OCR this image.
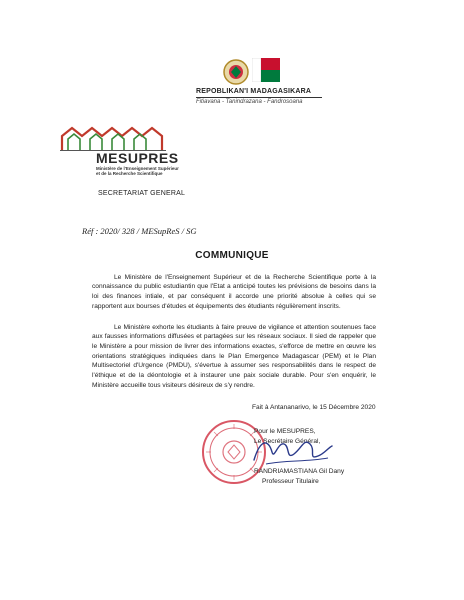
REPOBLIKAN'I MADAGASIKARA
Fitiavana - Tanindrazana - Fandrosoana
MESUPRES
Ministère de l'Enseignement Supérieur
et de la Recherche Scientifique
SECRETARIAT GENERAL
Réf : 2020/ 328 / MESupReS / SG
COMMUNIQUE

Le Ministère de l'Enseignement Supérieur et de la Recherche Scientifique porte à la connaissance du public estudiantin que l'Etat a anticipé toutes les prévisions de besoins dans la loi des finances intiale, et par conséquent il accorde une priorité absolue à celles qui se rapportent aux bourses d'études et équipements des étudiants régulièrement inscrits.

Le Ministère exhorte les étudiants à faire preuve de vigilance et attention soutenues face aux fausses informations diffusées et partagées sur les réseaux sociaux. Il sied de rappeler que le Ministère a pour mission de livrer des informations exactes, s'efforce de mettre en œuvre les orientations stratégiques indiquées dans le Plan Emergence Madagascar (PEM) et le Plan Multisectoriel d'Urgence (PMDU), s'évertue à assumer ses responsabilités dans le respect de l'éthique et de la déontologie et à instaurer une paix sociale durable. Pour s'en enquérir, le Ministère accueille tous visiteurs désireux de s'y rendre.

Fait à Antananarivo, le 15 Décembre 2020
Pour le MESUPRES,
Le Secrétaire Général,
RANDRIAMASTIANA Gil Dany
Professeur Titulaire
